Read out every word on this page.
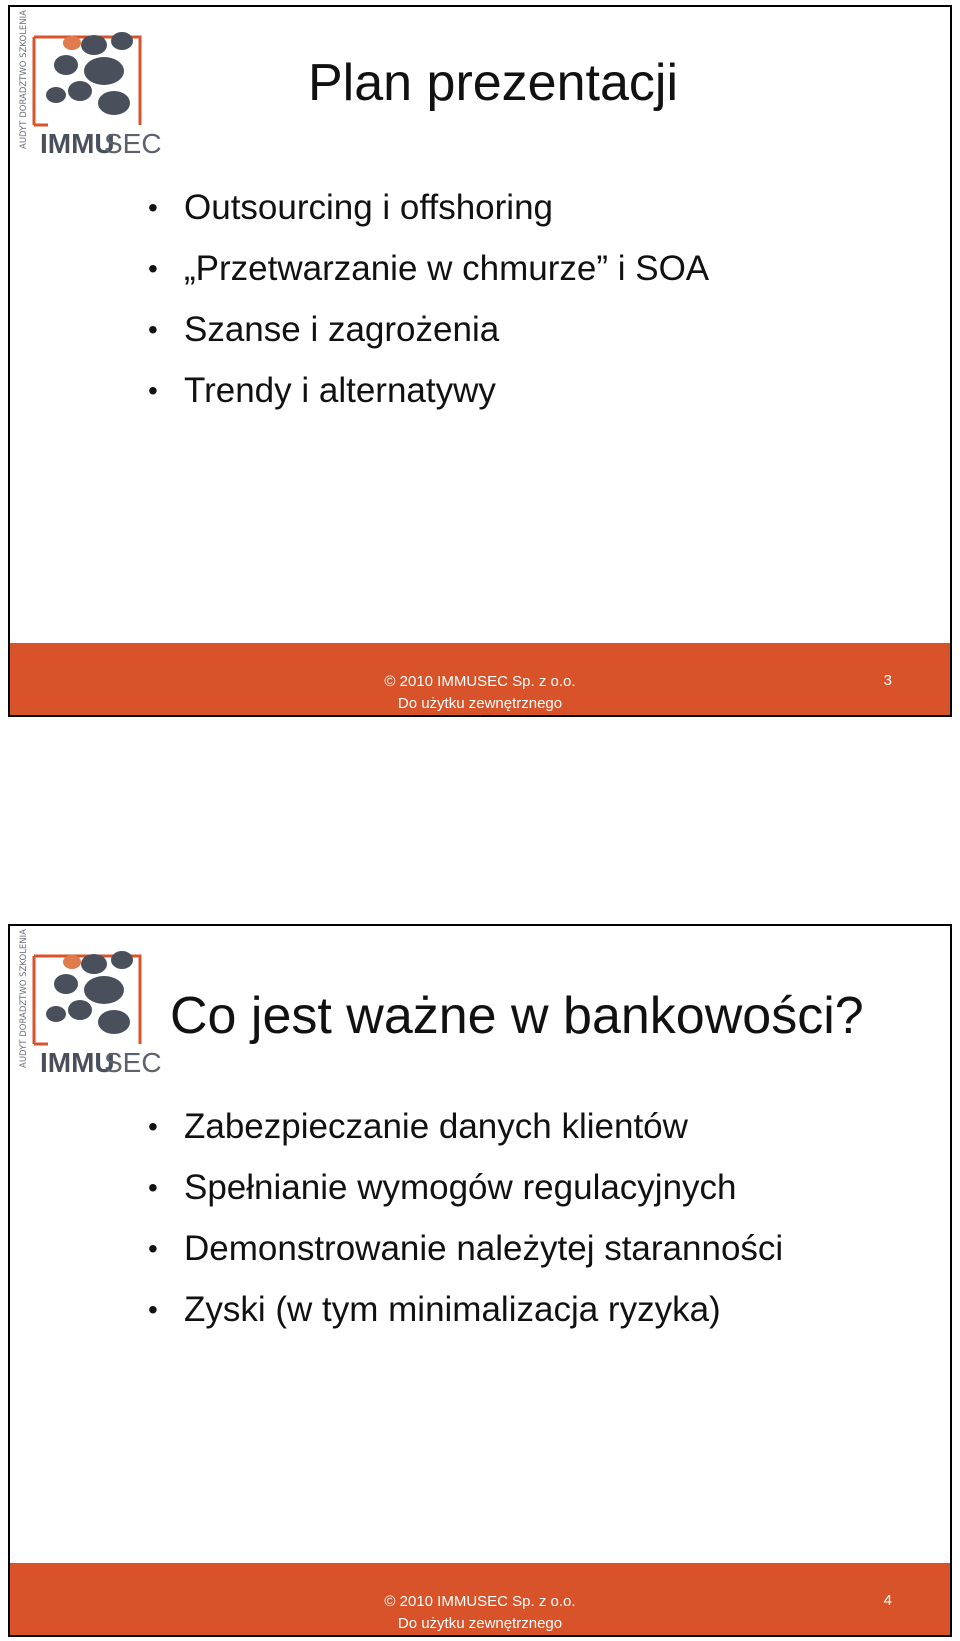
AUDYT DORADZTWO SZKOLENIA IMMU
SEC
Plan prezentacji
• Outsourcing i offshoring
• „Przetwarzanie w chmurze” i SOA
• Szanse i zagrożenia
• Trendy i alternatywy
© 2010 IMMUSEC Sp. z o.o.
Do użytku zewnętrznego
3
AUDYT DORADZTWO SZKOLENIA IMMU
SEC
Co jest ważne w bankowości?
• Zabezpieczanie danych klientów
• Spełnianie wymogów regulacyjnych
• Demonstrowanie należytej staranności
• Zyski (w tym minimalizacja ryzyka)
© 2010 IMMUSEC Sp. z o.o.
Do użytku zewnętrznego
4
